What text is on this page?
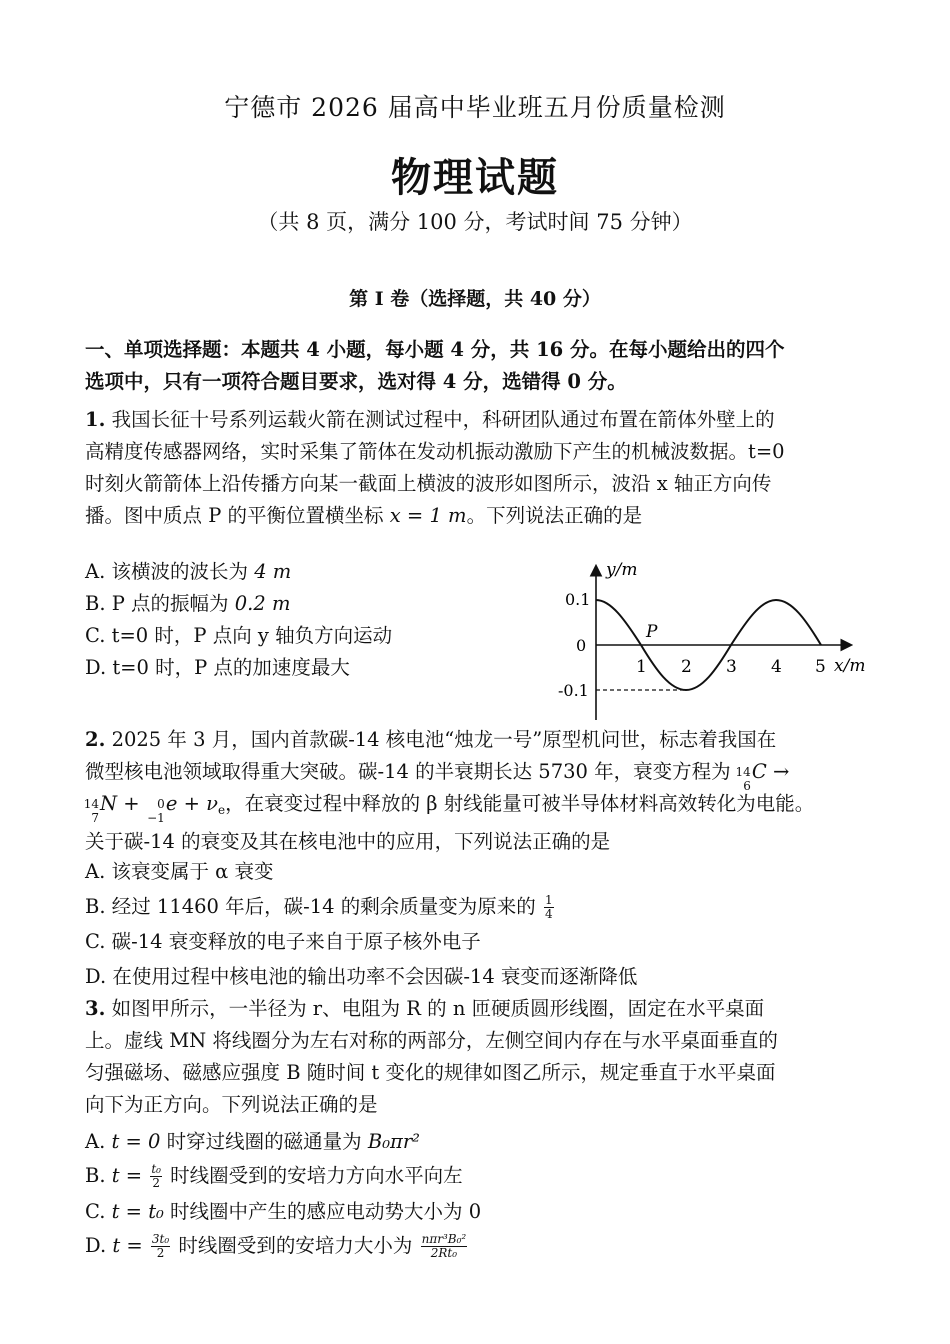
宁德市 2026 届高中毕业班五月份质量检测
物理试题
（共 8 页，满分 100 分，考试时间 75 分钟）
第 I 卷（选择题，共 40 分）
一、单项选择题：本题共 4 小题，每小题 4 分，共 16 分。在每小题给出的四个
选项中，只有一项符合题目要求，选对得 4 分，选错得 0 分。
1. 我国长征十号系列运载火箭在测试过程中，科研团队通过布置在箭体外壁上的
高精度传感器网络，实时采集了箭体在发动机振动激励下产生的机械波数据。t=0
时刻火箭箭体上沿传播方向某一截面上横波的波形如图所示，波沿 x 轴正方向传
播。图中质点 P 的平衡位置横坐标 x = 1 m。下列说法正确的是
A. 该横波的波长为 4 m
B. P 点的振幅为 0.2 m
C. t=0 时，P 点向 y 轴负方向运动
D. t=0 时，P 点的加速度最大
y/m
x/m
0.1
0
-0.1
1 2 3 4 5
P
2. 2025 年 3 月，国内首款碳-14 核电池“烛龙一号”原型机问世，标志着我国在
微型核电池领域取得重大突破。碳-14 的半衰期长达 5730 年，衰变方程为
14
6
C →
14
7
N + 0
−1
$e + \nu_e$，在衰变过程中释放的 β 射线能量可被半导体材料高效转化为电能。
关于碳-14 的衰变及其在核电池中的应用，下列说法正确的是
A. 该衰变属于 α 衰变
B. 经过 11460 年后，碳-14 的剩余质量变为原来的 $\frac{1}{4}$
C. 碳-14 衰变释放的电子来自于原子核外电子
D. 在使用过程中核电池的输出功率不会因碳-14 衰变而逐渐降低
3. 如图甲所示，一半径为 r、电阻为 R 的 n 匝硬质圆形线圈，固定在水平桌面
上。虚线 MN 将线圈分为左右对称的两部分，左侧空间内存在与水平桌面垂直的
匀强磁场、磁感应强度 B 随时间 t 变化的规律如图乙所示，规定垂直于水平桌面
向下为正方向。下列说法正确的是
A. t = 0 时穿过线圈的磁通量为 B₀πr²
B. $t = \frac{\text{t₀}}{2}$ 时线圈受到的安培力方向水平向左
C. t = t₀ 时线圈中产生的感应电动势大小为 0
D. $t = \frac{\text{3t₀}}{2}$ 时线圈受到的安培力大小为 $\frac{\text{nπr³B₀²}}{\text{2Rt₀}}$
